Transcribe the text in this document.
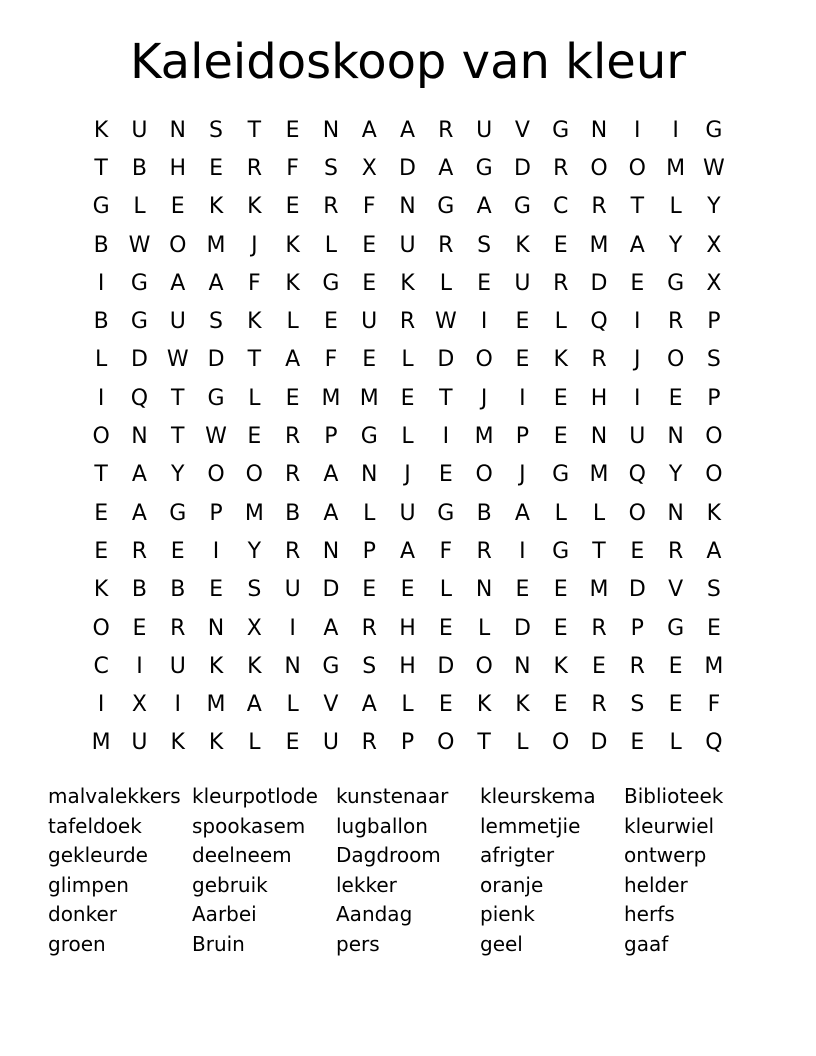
Kaleidoskoop van kleur
K	U	N	S	T	E	N	A	A	R	U	V	G N	I	I	G
T	B	H	E	R	F	S	X	D	A	G D	R O O M W
G	L	E	K	K	E	R	F	N G	A	G	C	R	T	L	Y
B W O M	J	K	L	E	U	R	S	K	E M A	Y	X
I	G	A	A	F	K	G	E	K	L	E	U	R	D	E	G	X
B	G U	S	K	L	E	U	R W	I	E	L	Q	I	R	P
L	D W D	T	A	F	E	L	D O	E	K	R	J	O	S
I	Q	T	G	L	E M M E	T	J	I	E	H	I	E	P
O N	T W E	R	P	G	L	I	M	P	E	N	U	N O
T	A	Y	O O R	A	N	J	E	O	J	G M Q	Y	O
E	A	G	P	M B	A	L	U G	B	A	L	L	O N	K
E	R	E	I	Y	R	N	P	A	F	R	I	G	T	E	R	A
K	B	B	E	S	U D	E	E	L	N	E	E M D	V	S
O	E	R	N	X	I	A	R	H	E	L	D	E	R	P	G	E
C	I	U	K	K	N G	S	H D O N	K	E	R	E M
I	X	I	M A	L	V	A	L	E	K	K	E	R	S	E	F
M U	K	K	L	E	U	R	P	O	T	L	O D	E	L	Q
malvalekkers kleurpotlode kunstenaar	kleurskema	Biblioteek
tafeldoek	spookasem	lugballon	lemmetjie	kleurwiel
gekleurde	deelneem	Dagdroom	afrigter	ontwerp
glimpen	gebruik	lekker	oranje	helder
donker	Aarbei	Aandag	pienk	herfs
groen	Bruin	pers	geel	gaaf
